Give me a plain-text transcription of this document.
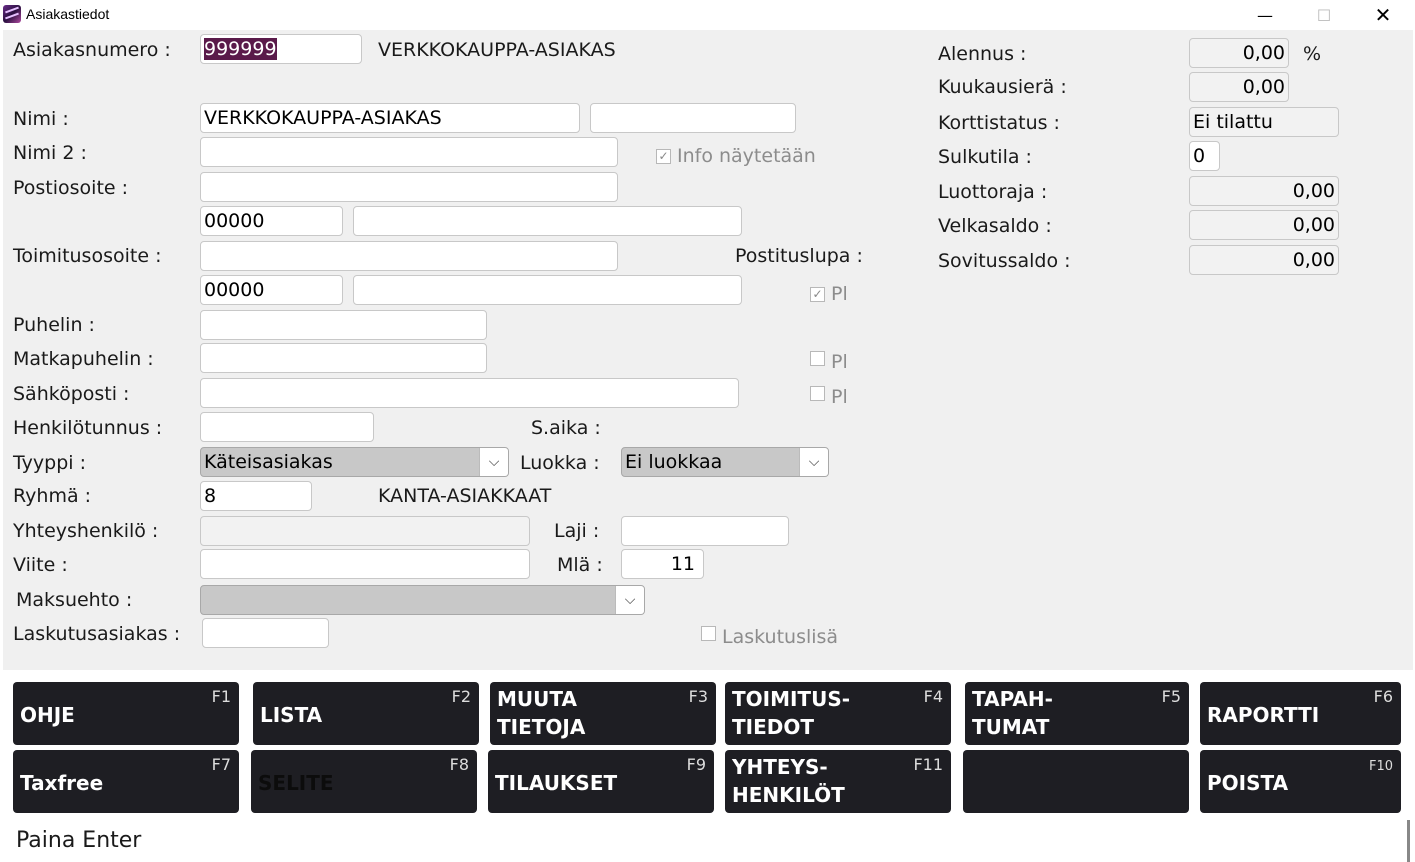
Asiakastiedot	—	☐	✕
Asiakasnumero : 999999	VERKKOKAUPPA-ASIAKAS
Nimi :	VERKKOKAUPPA-ASIAKAS
Nimi 2 :	✓ Info näytetään
Postiosoite :
00000
Toimitusosoite :	Postituslupa :
00000	✓ Pl
Puhelin :
Matkapuhelin :	Pl
Sähköposti :	Pl
Henkilötunnus :	S.aika :
Tyyppi :	Käteisasiakas	⌵	Luokka : Ei luokkaa	⌵
Ryhmä :	8	KANTA-ASIAKKAAT
Yhteyshenkilö :	Laji :
Viite :	Mlä :	11
Maksuehto :	⌵
Laskutusasiakas :	Laskutuslisä
Alennus :	0,00 %
Kuukausierä :	0,00
Korttistatus :	Ei tilattu
Sulkutila :	0
Luottoraja :	0,00
Velkasaldo :	0,00
Sovitussaldo :	0,00
OHJE
F1
LISTA
F2 MUUTA
TIETOJA
F3 TOIMITUS-
TIEDOT
F4 TAPAH-
TUMAT
F5
RAPORTTI
F6
Taxfree
F7
SELITE
F8
TILAUKSET
F9 YHTEYS-
HENKILÖT
F11
POISTA
F10
Paina Enter
